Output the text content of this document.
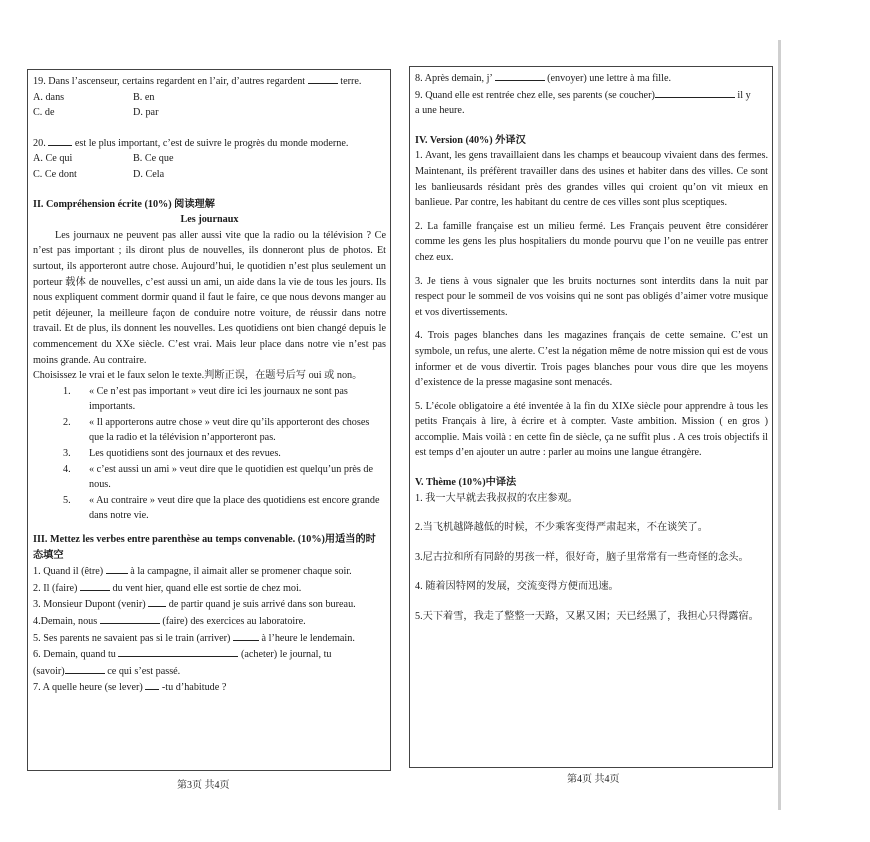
19. Dans l’ascenseur, certains regardent en l’air, d’autres regardent	terre.

A. dans	B. en
C. de	D. par

20.	est le plus important, c’est de suivre le progrès du monde moderne.

A. Ce qui	B. Ce que
C. Ce dont	D. Cela

II. Compréhension écrite (10%) 阅读理解

Les journaux

Les journaux ne peuvent pas aller aussi vite que la radio ou la télévision ? Ce n’est pas important ; ils diront plus de nouvelles, ils donneront plus de photos. Et surtout, ils apporteront autre chose. Aujourd’hui, le quotidien n’est plus seulement un porteur 载体 de nouvelles, c’est aussi un ami, un aide dans la vie de tous les jours. Ils nous expliquent comment dormir quand il faut le faire, ce que nous devons manger au petit déjeuner, la meilleure façon de conduire notre voiture, de réussir dans notre travail. Et de plus, ils donnent les nouvelles. Les quotidiens ont bien changé depuis le commencement du XXe siècle. C’est vrai. Mais leur place dans notre vie n’est pas moins grande. Au contraire.

Choisissez le vrai et le faux selon le texte.判断正误，在题号后写 oui 或 non。

1. « Ce n’est pas important » veut dire ici les journaux ne sont pas importants.

2. « Il apporterons autre chose » veut dire qu’ils apporteront des choses que la radio et la télévision n’apporteront pas.

3. Les quotidiens sont des journaux et des revues.

4. « c’est aussi un ami » veut dire que le quotidien est quelqu’un près de nous.

5. « Au contraire » veut dire que la place des quotidiens est encore grande dans notre vie.

III. Mettez les verbes entre parenthèse au temps convenable. (10%)用适当的时态填空

1. Quand il (être)	à la campagne, il aimait aller se promener chaque soir.

2. Il (faire)	du vent hier, quand elle est sortie de chez moi.

3. Monsieur Dupont (venir) de partir quand je suis arrivé dans son bureau.

4.Demain, nous	(faire) des exercices au laboratoire.

5. Ses parents ne savaient pas si le train (arriver)	à l’heure le lendemain.

6. Demain, quand tu	(acheter) le journal, tu

(savoir)	ce qui s’est passé.

7. A quelle heure (se lever) -tu d’habitude ?

第3页 共4页

8. Après demain, j’	(envoyer) une lettre à ma fille.

9. Quand elle est rentrée chez elle, ses parents (se coucher)	il y

a une heure.

IV. Version (40%) 外译汉

1. Avant, les gens travaillaient dans les champs et beaucoup vivaient dans des fermes. Maintenant, ils préfèrent travailler dans des usines et habiter dans des villes. Ce sont les banlieusards résidant près des grandes villes qui croient qu’on vit mieux en banlieue. Par contre, les habitant du centre de ces villes sont plus sceptiques.

2. La famille française est un milieu fermé. Les Français peuvent être considérer comme les gens les plus hospitaliers du monde pourvu que l’on ne veuille pas entrer chez eux.

3. Je tiens à vous signaler que les bruits nocturnes sont interdits dans la nuit par respect pour le sommeil de vos voisins qui ne sont pas obligés d’aimer votre musique et vos divertissements.

4. Trois pages blanches dans les magazines français de cette semaine. C’est un symbole, un refus, une alerte. C’est la négation même de notre mission qui est de vous informer et de vous divertir. Trois pages blanches pour vous dire que les moyens d’existence de la presse magasine sont menacés.

5. L’école obligatoire a été inventée à la fin du XIXe siècle pour apprendre à tous les petits Français à lire, à écrire et à compter. Vaste ambition. Mission ( en gros ) accomplie. Mais voilà : en cette fin de siècle, ça ne suffit plus . A ces trois objectifs il est temps d’en ajouter un autre : parler au moins une langue étrangère.

V. Thème (10%)中译法

1. 我一大早就去我叔叔的农庄参观。

2.当飞机越降越低的时候，不少乘客变得严肃起来，不在谈笑了。

3.尼古拉和所有同龄的男孩一样，很好奇，脑子里常常有一些奇怪的念头。

4. 随着因特网的发展，交流变得方便而迅速。

5.天下着雪，我走了整整一天路，又累又困；天已经黑了，我担心只得露宿。

第4页 共4页
